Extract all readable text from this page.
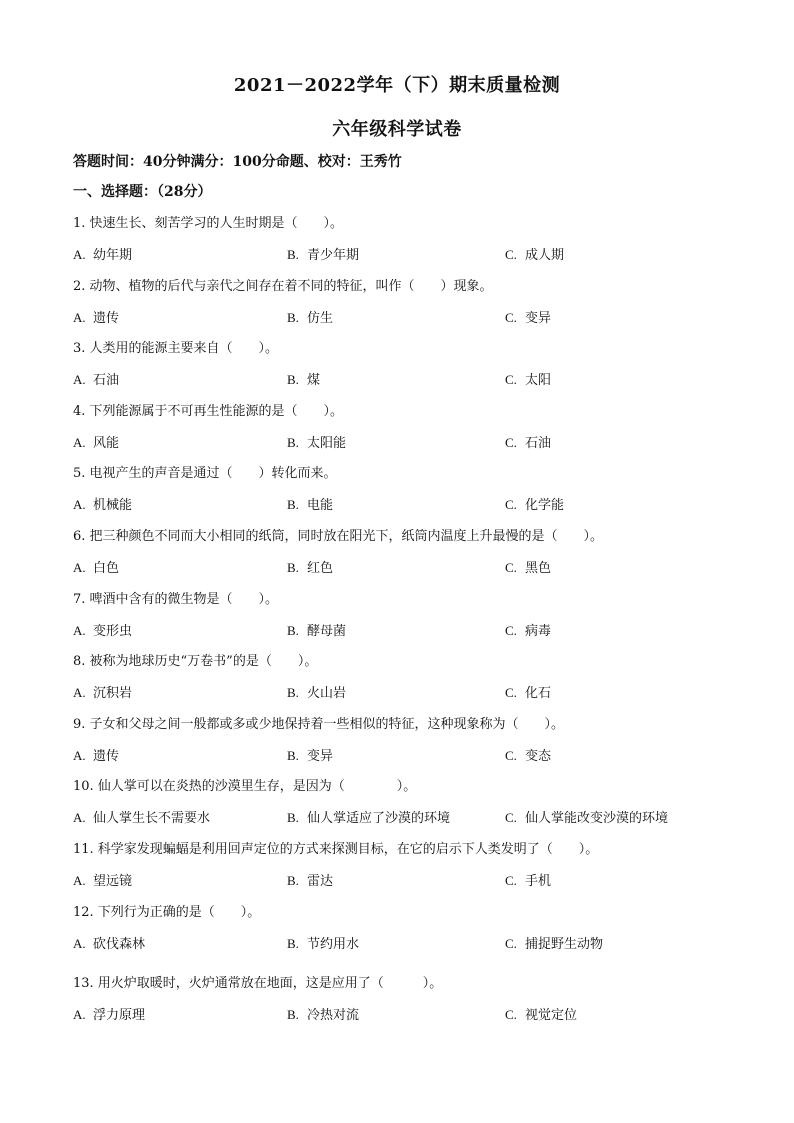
2021－2022学年（下）期末质量检测
六年级科学试卷
答题时间：40分钟满分：100分命题、校对：王秀竹
一、选择题：（28分）
1. 快速生长、刻苦学习的人生时期是（　　）。
A. 幼年期	B. 青少年期	C. 成人期
2. 动物、植物的后代与亲代之间存在着不同的特征，叫作（　　）现象。
A. 遗传	B. 仿生	C. 变异
3. 人类用的能源主要来自（　　）。
A. 石油	B. 煤	C. 太阳
4. 下列能源属于不可再生性能源的是（　　）。
A. 风能	B. 太阳能	C. 石油
5. 电视产生的声音是通过（　　）转化而来。
A. 机械能	B. 电能	C. 化学能
6. 把三种颜色不同而大小相同的纸筒，同时放在阳光下，纸筒内温度上升最慢的是（　　）。
A. 白色	B. 红色	C. 黑色
7. 啤酒中含有的微生物是（　　）。
A. 变形虫	B. 酵母菌	C. 病毒
8. 被称为地球历史“万卷书”的是（　　）。
A. 沉积岩	B. 火山岩	C. 化石
9. 子女和父母之间一般都或多或少地保持着一些相似的特征，这种现象称为（　　）。
A. 遗传	B. 变异	C. 变态
10. 仙人掌可以在炎热的沙漠里生存，是因为（　　　　）。
A. 仙人掌生长不需要水	B. 仙人掌适应了沙漠的环境	C. 仙人掌能改变沙漠的环境
11. 科学家发现蝙蝠是利用回声定位的方式来探测目标，在它的启示下人类发明了（　　）。
A. 望远镜	B. 雷达	C. 手机
12. 下列行为正确的是（　　）。
A. 砍伐森林	B. 节约用水	C. 捕捉野生动物
13. 用火炉取暖时，火炉通常放在地面，这是应用了（　　　）。
A. 浮力原理	B. 冷热对流	C. 视觉定位
